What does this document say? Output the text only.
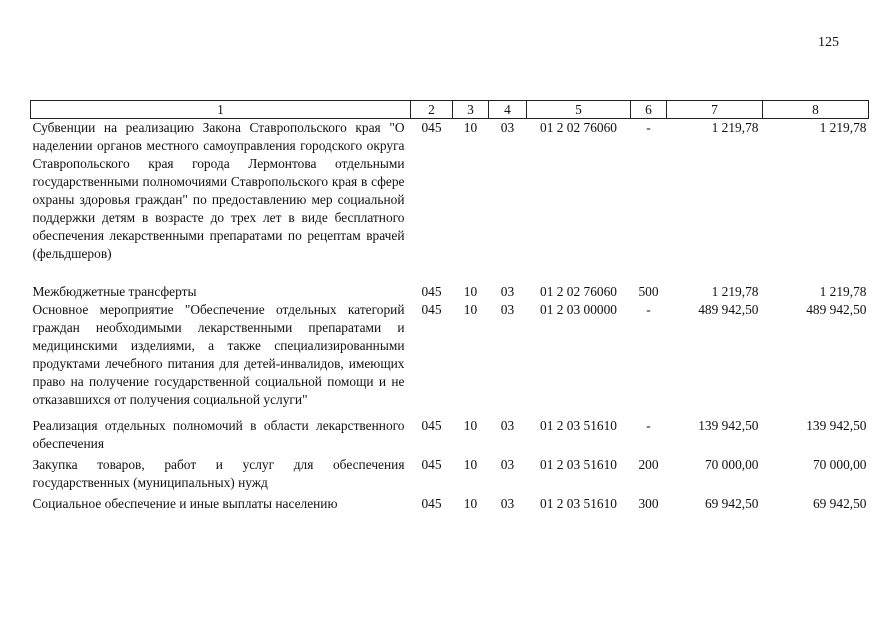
125
1	2	3	4	5	6	7	8
Субвенции на реализацию Закона Ставропольского края "О наделении органов местного самоуправления городского округа Ставропольского края города Лермонтова отдельными государственными полномочиями Ставропольского края в сфере охраны здоровья граждан" по предоставлению мер социальной поддержки детям в возрасте до трех лет в виде бесплатного обеспечения лекарственными препаратами по рецептам врачей (фельдшеров)	045	10	03	01 2 02 76060	-	1 219,78	1 219,78

Межбюджетные трансферты	045	10	03	01 2 02 76060	500	1 219,78	1 219,78
Основное мероприятие "Обеспечение отдельных категорий граждан необходимыми лекарственными препаратами и медицинскими изделиями, а также специализированными продуктами лечебного питания для детей-инвалидов, имеющих право на получение государственной социальной помощи и не отказавшихся от получения социальной услуги"	045	10	03	01 2 03 00000	-	489 942,50	489 942,50

Реализация отдельных полномочий в области лекарственного обеспечения	045	10	03	01 2 03 51610	-	139 942,50	139 942,50

Закупка товаров, работ и услуг для обеспечения государственных (муниципальных) нужд	045	10	03	01 2 03 51610	200	70 000,00	70 000,00

Социальное обеспечение и иные выплаты населению	045	10	03	01 2 03 51610	300	69 942,50	69 942,50
